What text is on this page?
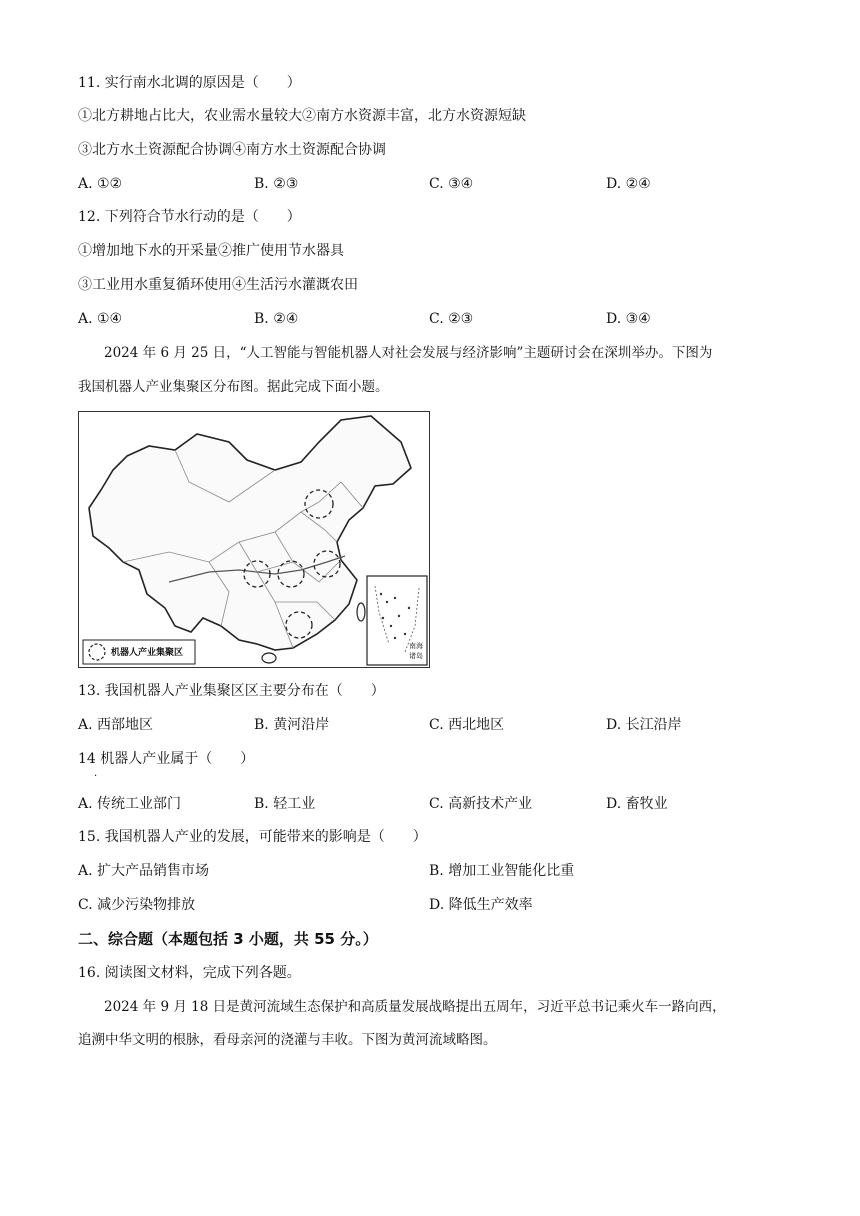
11. 实行南水北调的原因是（　　）
①北方耕地占比大，农业需水量较大②南方水资源丰富，北方水资源短缺
③北方水土资源配合协调④南方水土资源配合协调
A. ①②	B. ②③	C. ③④	D. ②④
12. 下列符合节水行动的是（　　）
①增加地下水的开采量②推广使用节水器具
③工业用水重复循环使用④生活污水灌溉农田
A. ①④	B. ②④	C. ②③	D. ③④
2024 年 6 月 25 日，“人工智能与智能机器人对社会发展与经济影响”主题研讨会在深圳举办。下图为
我国机器人产业集聚区分布图。据此完成下面小题。
机器人产业集聚区
南海
诸岛
13. 我国机器人产业集聚区区主要分布在（　　）
A. 西部地区	B. 黄河沿岸	C. 西北地区	D. 长江沿岸
14 机器人产业属于（　　）
·
A. 传统工业部门	B. 轻工业	C. 高新技术产业	D. 畜牧业
15. 我国机器人产业的发展，可能带来的影响是（　　）
A. 扩大产品销售市场	B. 增加工业智能化比重
C. 减少污染物排放	D. 降低生产效率
二、综合题（本题包括 3 小题，共 55 分。）
16. 阅读图文材料，完成下列各题。
2024 年 9 月 18 日是黄河流域生态保护和高质量发展战略提出五周年，习近平总书记乘火车一路向西，
追溯中华文明的根脉，看母亲河的浇灌与丰收。下图为黄河流域略图。
